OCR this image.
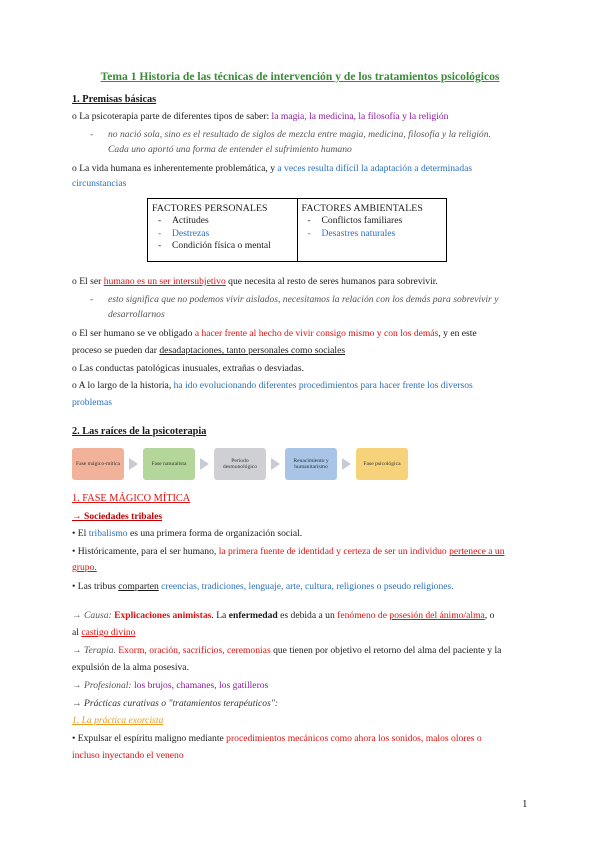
Tema 1 Historia de las técnicas de intervención y de los tratamientos psicológicos
1. Premisas básicas
o La psicoterapia parte de diferentes tipos de saber: la magia, la medicina, la filosofía y la religión
no nació sola, sino es el resultado de siglos de mezcla entre magia, medicina, filosofía y la religión.
-
Cada uno aportó una forma de entender el sufrimiento humano
o La vida humana es inherentemente problemática, y a veces resulta difícil la adaptación a determinadas
circunstancias
FACTORES PERSONALES
- Actitudes
- Destrezas
- Condición física o mental
FACTORES AMBIENTALES
- Conflictos familiares
- Desastres naturales
o El ser humano es un ser intersubjetivo que necesita al resto de seres humanos para sobrevivir.
- esto significa que no podemos vivir aislados, necesitamos la relación con los demás para sobrevivir y
desarrollarnos
o El ser humano se ve obligado a hacer frente al hecho de vivir consigo mismo y con los demás, y en este
proceso se pueden dar desadaptaciones, tanto personales como sociales
o Las conductas patológicas inusuales, extrañas o desviadas.
o A lo largo de la historia, ha ido evolucionando diferentes procedimientos para hacer frente los diversos
problemas
2. Las raíces de la psicoterapia
Fase mágico-mítica	Fase naturalista
Período desmonológico
Renacimiento y humanitarismo
Fase psicológica
1. FASE MÁGICO MÍTICA
→ Sociedades tribales
• El tribalismo es una primera forma de organización social.
• Históricamente, para el ser humano, la primera fuente de identidad y certeza de ser un individuo pertenece a un
grupo.
• Las tribus comparten creencias, tradiciones, lenguaje, arte, cultura, religiones o pseudo religiones.
→ Causa: Explicaciones animistas. La enfermedad es debida a un fenómeno de posesión del ánimo/alma, o
al castigo divino
→ Terapia. Exorm, oración, sacrificios, ceremonias que tienen por objetivo el retorno del alma del paciente y la
expulsión de la alma posesiva.
→ Profesional: los brujos, chamanes, los gatilleros
→ Prácticas curativas o "tratamientos terapéuticos":
1. La práctica exorcista
• Expulsar el espíritu maligno mediante procedimientos mecánicos como ahora los sonidos, malos olores o
incluso inyectando el veneno
1
